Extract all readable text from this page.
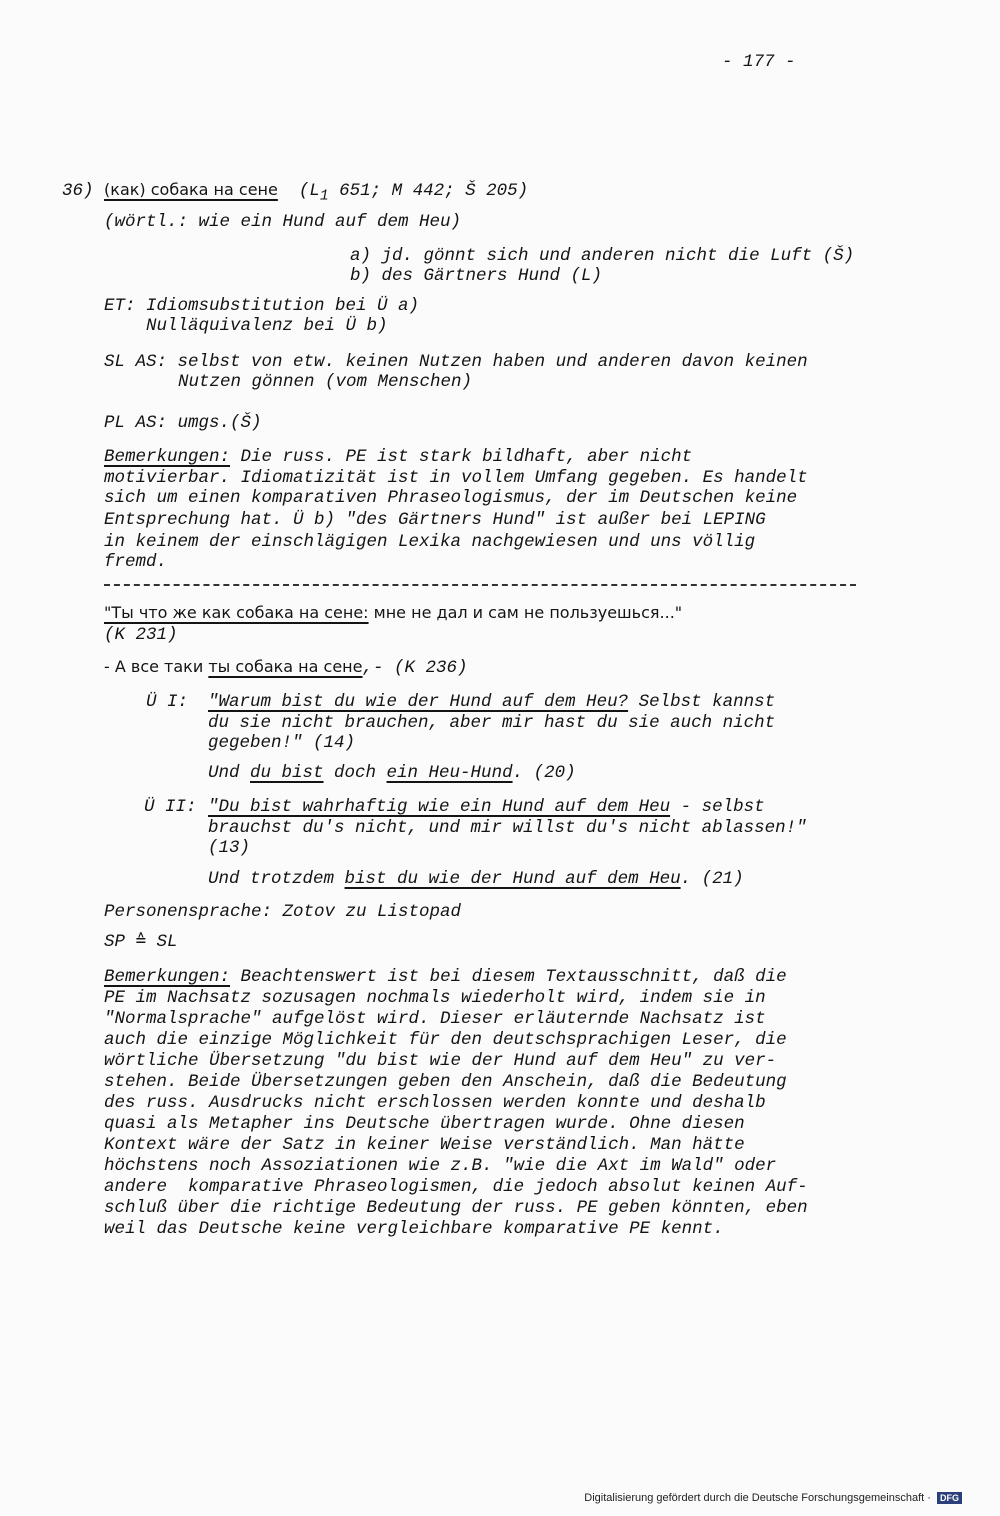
- 177 -
36) (как) собака на сене ($L_1$ 651; M 442; Š 205)
(wörtl.: wie ein Hund auf dem Heu)
a) jd. gönnt sich und anderen nicht die Luft (Š)
b) des Gärtners Hund (L)
ET: Idiomsubstitution bei Ü a)
Nulläquivalenz bei Ü b)
SL AS: selbst von etw. keinen Nutzen haben und anderen davon keinen
Nutzen gönnen (vom Menschen)
PL AS: umgs.(Š)
Bemerkungen: Die russ. PE ist stark bildhaft, aber nicht
motivierbar. Idiomatizität ist in vollem Umfang gegeben. Es handelt
sich um einen komparativen Phraseologismus, der im Deutschen keine
Entsprechung hat. Ü b) "des Gärtners Hund" ist außer bei LEPING
in keinem der einschlägigen Lexika nachgewiesen und uns völlig
fremd.
"Ты что же как собака на сене: мне не дал и сам не пользуешься..."
(K 231)
- А все таки ты собака на сене,- (K 236)
Ü I: "Warum bist du wie der Hund auf dem Heu? Selbst kannst
du sie nicht brauchen, aber mir hast du sie auch nicht
gegeben!" (14)
Und du bist doch ein Heu-Hund. (20)
Ü II: "Du bist wahrhaftig wie ein Hund auf dem Heu - selbst
brauchst du's nicht, und mir willst du's nicht ablassen!"
(13)
Und trotzdem bist du wie der Hund auf dem Heu. (21)
Personensprache: Zotov zu Listopad
SP ≙ SL
Bemerkungen: Beachtenswert ist bei diesem Textausschnitt, daß die
PE im Nachsatz sozusagen nochmals wiederholt wird, indem sie in
"Normalsprache" aufgelöst wird. Dieser erläuternde Nachsatz ist
auch die einzige Möglichkeit für den deutschsprachigen Leser, die
wörtliche Übersetzung "du bist wie der Hund auf dem Heu" zu ver-
stehen. Beide Übersetzungen geben den Anschein, daß die Bedeutung
des russ. Ausdrucks nicht erschlossen werden konnte und deshalb
quasi als Metapher ins Deutsche übertragen wurde. Ohne diesen
Kontext wäre der Satz in keiner Weise verständlich. Man hätte
höchstens noch Assoziationen wie z.B. "wie die Axt im Wald" oder
andere  komparative Phraseologismen, die jedoch absolut keinen Auf-
schluß über die richtige Bedeutung der russ. PE geben könnten, eben
weil das Deutsche keine vergleichbare komparative PE kennt.
Digitalisierung gefördert durch die Deutsche Forschungsgemeinschaft · DFG
